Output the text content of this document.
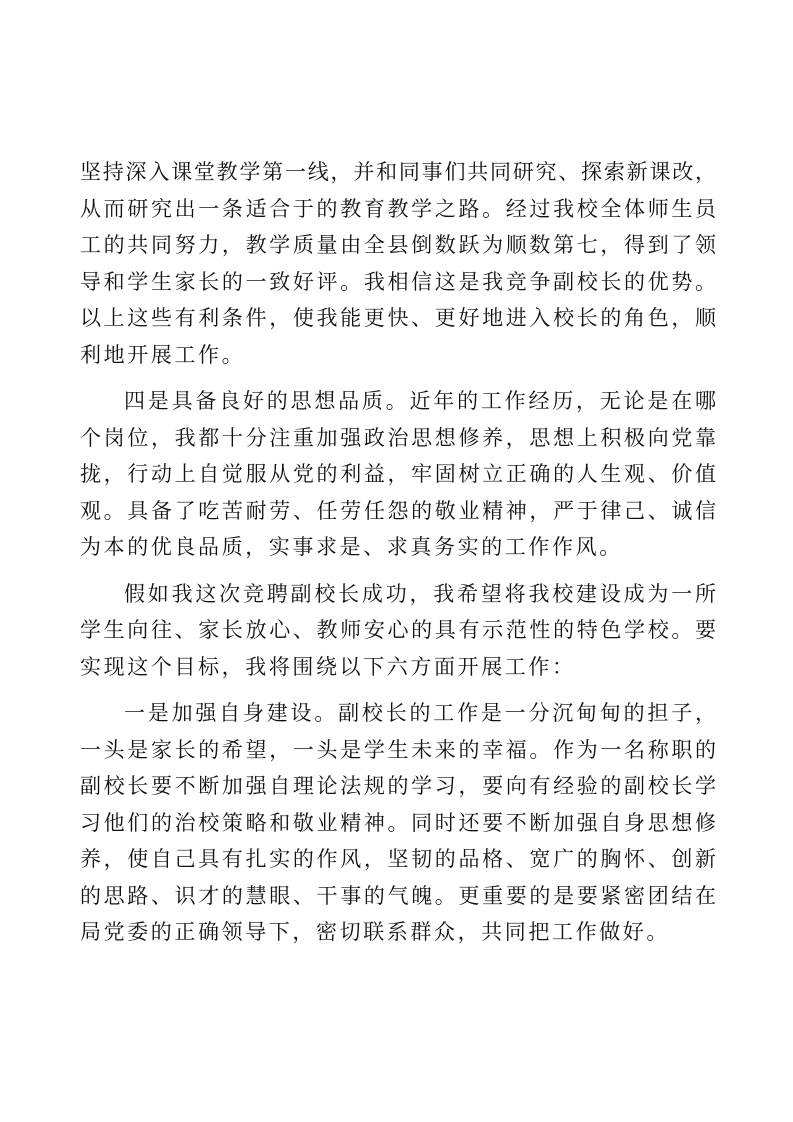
坚持深入课堂教学第一线，并和同事们共同研究、探索新课改，
从而研究出一条适合于的教育教学之路。经过我校全体师生员
工的共同努力，教学质量由全县倒数跃为顺数第七，得到了领
导和学生家长的一致好评。我相信这是我竞争副校长的优势。
以上这些有利条件，使我能更快、更好地进入校长的角色，顺
利地开展工作。
四是具备良好的思想品质。近年的工作经历，无论是在哪
个岗位，我都十分注重加强政治思想修养，思想上积极向党靠
拢，行动上自觉服从党的利益，牢固树立正确的人生观、价值
观。具备了吃苦耐劳、任劳任怨的敬业精神，严于律己、诚信
为本的优良品质，实事求是、求真务实的工作作风。
假如我这次竞聘副校长成功，我希望将我校建设成为一所
学生向往、家长放心、教师安心的具有示范性的特色学校。要
实现这个目标，我将围绕以下六方面开展工作：
一是加强自身建设。副校长的工作是一分沉甸甸的担子，
一头是家长的希望，一头是学生未来的幸福。作为一名称职的
副校长要不断加强自理论法规的学习，要向有经验的副校长学
习他们的治校策略和敬业精神。同时还要不断加强自身思想修
养，使自己具有扎实的作风，坚韧的品格、宽广的胸怀、创新
的思路、识才的慧眼、干事的气魄。更重要的是要紧密团结在
局党委的正确领导下，密切联系群众，共同把工作做好。
